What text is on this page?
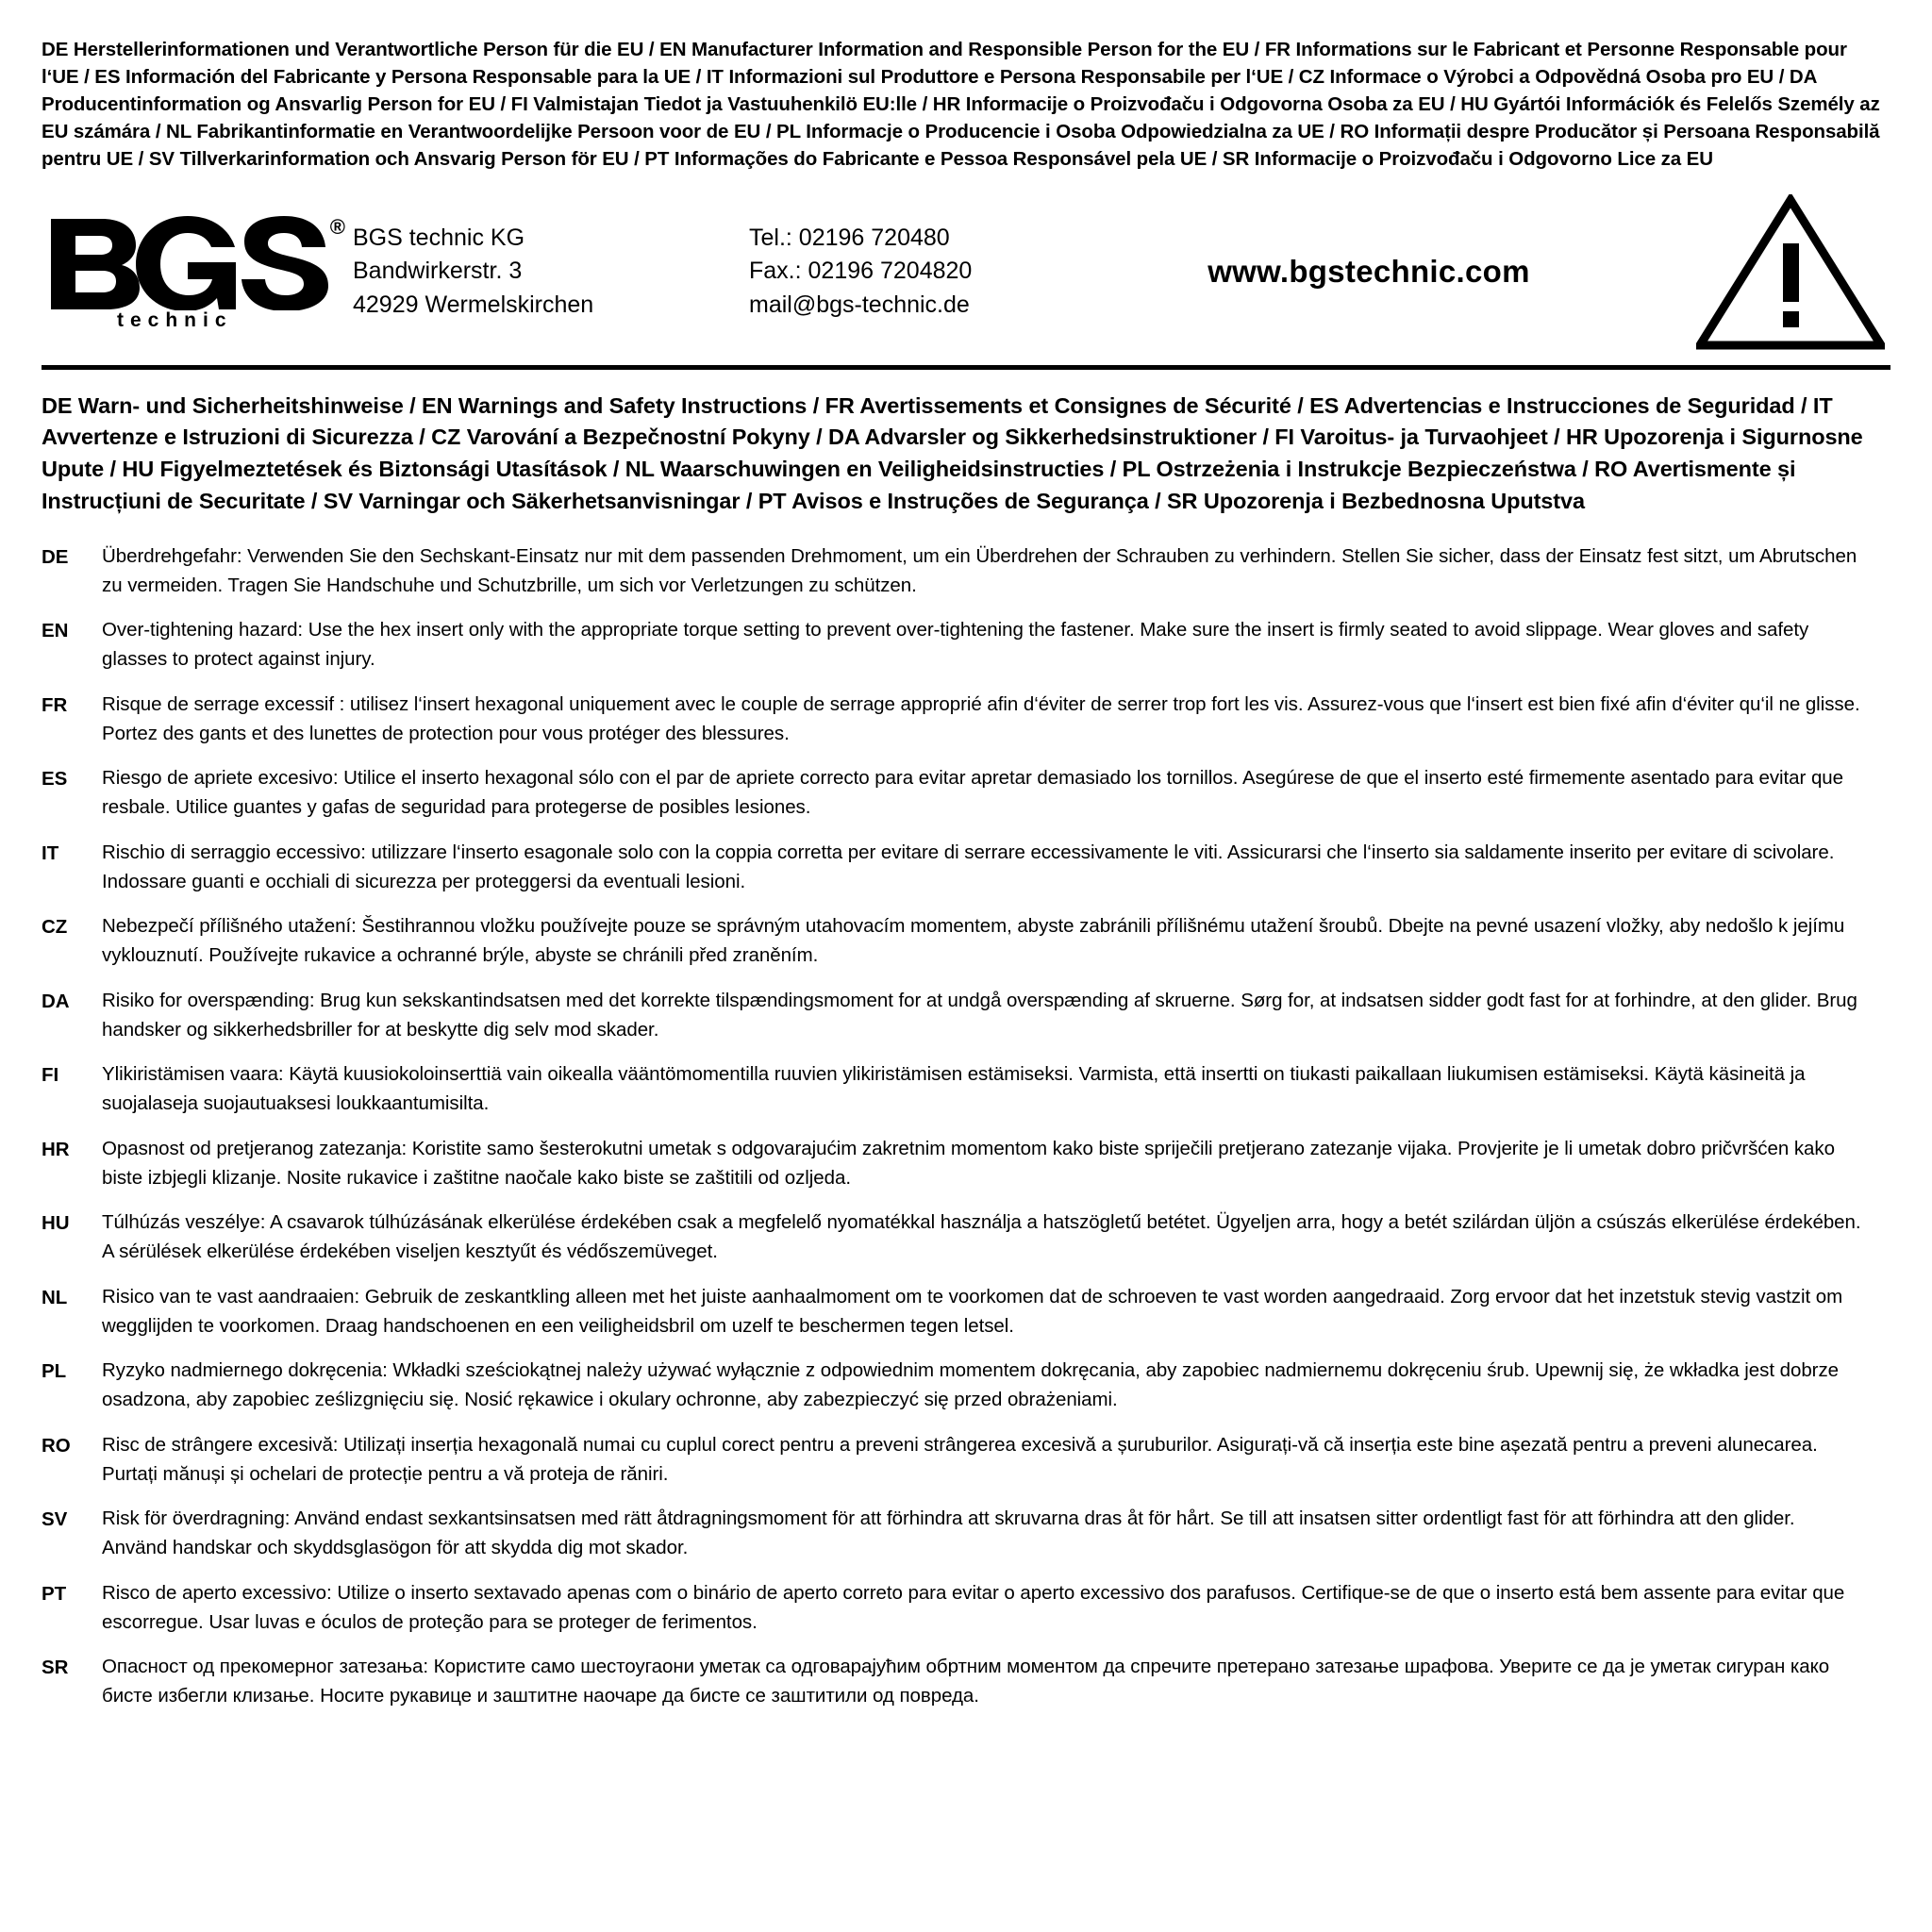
DE Herstellerinformationen und Verantwortliche Person für die EU / EN Manufacturer Information and Responsible Person for the EU / FR Informations sur le Fabricant et Personne Responsable pour l‘UE / ES Información del Fabricante y Persona Responsable para la UE / IT Informazioni sul Produttore e Persona Responsabile per l‘UE / CZ Informace o Výrobci a Odpovědná Osoba pro EU / DA Producentinformation og Ansvarlig Person for EU / FI Valmistajan Tiedot ja Vastuuhenkilö EU:lle / HR Informacije o Proizvođaču i Odgovorna Osoba za EU / HU Gyártói Információk és Felelős Személy az EU számára / NL Fabrikantinformatie en Verantwoordelijke Persoon voor de EU / PL Informacje o Producencie i Osoba Odpowiedzialna za UE / RO Informații despre Producător și Persoana Responsabilă pentru UE / SV Tillverkarinformation och Ansvarig Person för EU / PT Informações do Fabricante e Pessoa Responsável pela UE / SR Informacije o Proizvođaču i Odgovorno Lice za EU
®
technic
BGS technic KG
Bandwirkerstr. 3
42929 Wermelskirchen
Tel.: 02196 720480
Fax.: 02196 7204820
mail@bgs-technic.de
www.bgstechnic.com
DE Warn- und Sicherheitshinweise / EN Warnings and Safety Instructions / FR Avertissements et Consignes de Sécurité / ES Advertencias e Instrucciones de Seguridad / IT Avvertenze e Istruzioni di Sicurezza / CZ Varování a Bezpečnostní Pokyny / DA Advarsler og Sikkerhedsinstruktioner / FI Varoitus- ja Turvaohjeet / HR Upozorenja i Sigurnosne Upute / HU Figyelmeztetések és Biztonsági Utasítások / NL Waarschuwingen en Veiligheidsinstructies / PL Ostrzeżenia i Instrukcje Bezpieczeństwa / RO Avertismente și Instrucțiuni de Securitate / SV Varningar och Säkerhetsanvisningar / PT Avisos e Instruções de Segurança / SR Upozorenja i Bezbednosna Uputstva
DE	Überdrehgefahr: Verwenden Sie den Sechskant-Einsatz nur mit dem passenden Drehmoment, um ein Überdrehen der Schrauben zu verhindern. Stellen Sie sicher, dass der Einsatz fest sitzt, um Abrutschen zu vermeiden. Tragen Sie Handschuhe und Schutzbrille, um sich vor Verletzungen zu schützen.
EN	Over-tightening hazard: Use the hex insert only with the appropriate torque setting to prevent over-tightening the fastener. Make sure the insert is firmly seated to avoid slippage. Wear gloves and safety glasses to protect against injury.
FR	Risque de serrage excessif : utilisez l‘insert hexagonal uniquement avec le couple de serrage approprié afin d‘éviter de serrer trop fort les vis. Assurez-vous que l‘insert est bien fixé afin d‘éviter qu‘il ne glisse. Portez des gants et des lunettes de protection pour vous protéger des blessures.
ES	Riesgo de apriete excesivo: Utilice el inserto hexagonal sólo con el par de apriete correcto para evitar apretar demasiado los tornillos. Asegúrese de que el inserto esté firmemente asentado para evitar que resbale. Utilice guantes y gafas de seguridad para protegerse de posibles lesiones.
IT	Rischio di serraggio eccessivo: utilizzare l‘inserto esagonale solo con la coppia corretta per evitare di serrare eccessivamente le viti. Assicurarsi che l‘inserto sia saldamente inserito per evitare di scivolare. Indossare guanti e occhiali di sicurezza per proteggersi da eventuali lesioni.
CZ	Nebezpečí přílišného utažení: Šestihrannou vložku používejte pouze se správným utahovacím momentem, abyste zabránili přílišnému utažení šroubů. Dbejte na pevné usazení vložky, aby nedošlo k jejímu vyklouznutí. Používejte rukavice a ochranné brýle, abyste se chránili před zraněním.
DA	Risiko for overspænding: Brug kun sekskantindsatsen med det korrekte tilspændingsmoment for at undgå overspænding af skruerne. Sørg for, at indsatsen sidder godt fast for at forhindre, at den glider. Brug handsker og sikkerhedsbriller for at beskytte dig selv mod skader.
FI	Ylikiristämisen vaara: Käytä kuusiokoloinserttiä vain oikealla vääntömomentilla ruuvien ylikiristämisen estämiseksi. Varmista, että insertti on tiukasti paikallaan liukumisen estämiseksi. Käytä käsineitä ja suojalaseja suojautuaksesi loukkaantumisilta.
HR	Opasnost od pretjeranog zatezanja: Koristite samo šesterokutni umetak s odgovarajućim zakretnim momentom kako biste spriječili pretjerano zatezanje vijaka. Provjerite je li umetak dobro pričvršćen kako biste izbjegli klizanje. Nosite rukavice i zaštitne naočale kako biste se zaštitili od ozljeda.
HU	Túlhúzás veszélye: A csavarok túlhúzásának elkerülése érdekében csak a megfelelő nyomatékkal használja a hatszögletű betétet. Ügyeljen arra, hogy a betét szilárdan üljön a csúszás elkerülése érdekében. A sérülések elkerülése érdekében viseljen kesztyűt és védőszemüveget.
NL	Risico van te vast aandraaien: Gebruik de zeskantkling alleen met het juiste aanhaalmoment om te voorkomen dat de schroeven te vast worden aangedraaid. Zorg ervoor dat het inzetstuk stevig vastzit om wegglijden te voorkomen. Draag handschoenen en een veiligheidsbril om uzelf te beschermen tegen letsel.
PL	Ryzyko nadmiernego dokręcenia: Wkładki sześciokątnej należy używać wyłącznie z odpowiednim momentem dokręcania, aby zapobiec nadmiernemu dokręceniu śrub. Upewnij się, że wkładka jest dobrze osadzona, aby zapobiec ześlizgnięciu się. Nosić rękawice i okulary ochronne, aby zabezpieczyć się przed obrażeniami.
RO	Risc de strângere excesivă: Utilizați inserția hexagonală numai cu cuplul corect pentru a preveni strângerea excesivă a șuruburilor. Asigurați-vă că inserția este bine așezată pentru a preveni alunecarea. Purtați mănuși și ochelari de protecție pentru a vă proteja de răniri.
SV	Risk för överdragning: Använd endast sexkantsinsatsen med rätt åtdragningsmoment för att förhindra att skruvarna dras åt för hårt. Se till att insatsen sitter ordentligt fast för att förhindra att den glider. Använd handskar och skyddsglasögon för att skydda dig mot skador.
PT	Risco de aperto excessivo: Utilize o inserto sextavado apenas com o binário de aperto correto para evitar o aperto excessivo dos parafusos. Certifique-se de que o inserto está bem assente para evitar que escorregue. Usar luvas e óculos de proteção para se proteger de ferimentos.
SR	Опасност од прекомерног затезања: Користите само шестоугаони уметак са одговарајућим обртним моментом да спречите претерано затезање шрафова. Уверите се да је уметак сигуран како бисте избегли клизање. Носите рукавице и заштитне наочаре да бисте се заштитили од повреда.
